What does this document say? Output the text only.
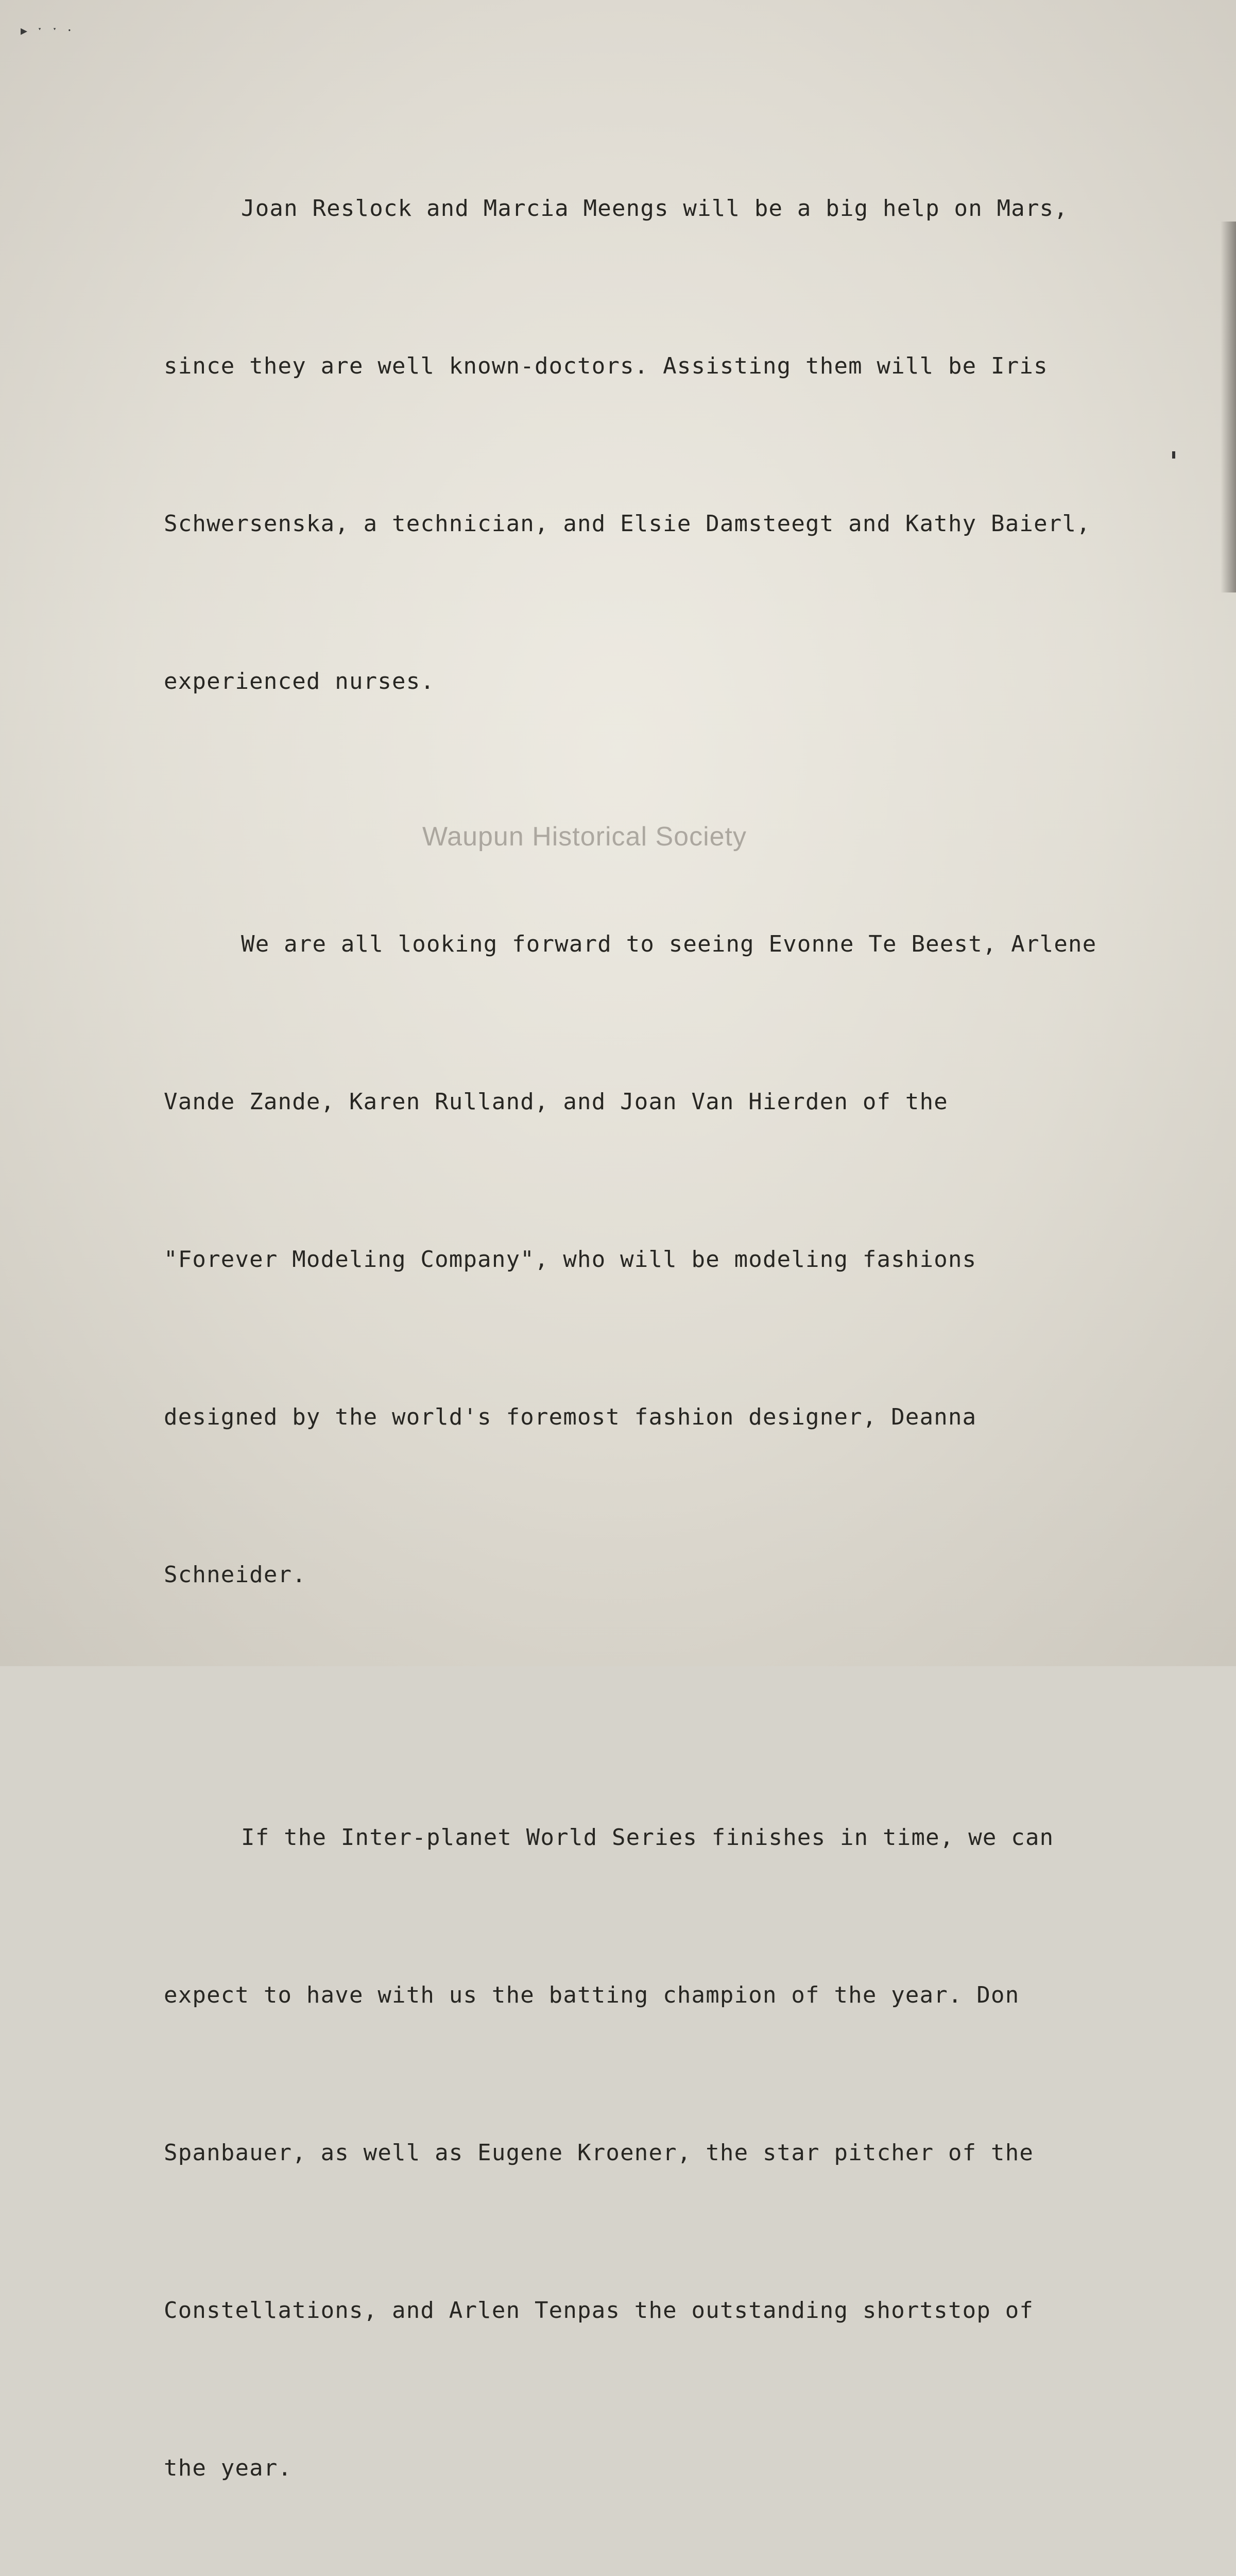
▸ ˑ ˑ ⸱

Joan Reslock and Marcia Meengs will be a big help on Mars,

since they are well known-doctors. Assisting them will be Iris

Schwersenska, a technician, and Elsie Damsteegt and Kathy Baierl,

experienced nurses.

We are all looking forward to seeing Evonne Te Beest, Arlene

Vande Zande, Karen Rulland, and Joan Van Hierden of the

"Forever Modeling Company", who will be modeling fashions

designed by the world's foremost fashion designer, Deanna

Schneider.

If the Inter-planet World Series finishes in time, we can

expect to have with us the batting champion of the year. Don

Spanbauer, as well as Eugene Kroener, the star pitcher of the

Constellations, and Arlen Tenpas the outstanding shortstop of

the year.

Waupun Historical Society
